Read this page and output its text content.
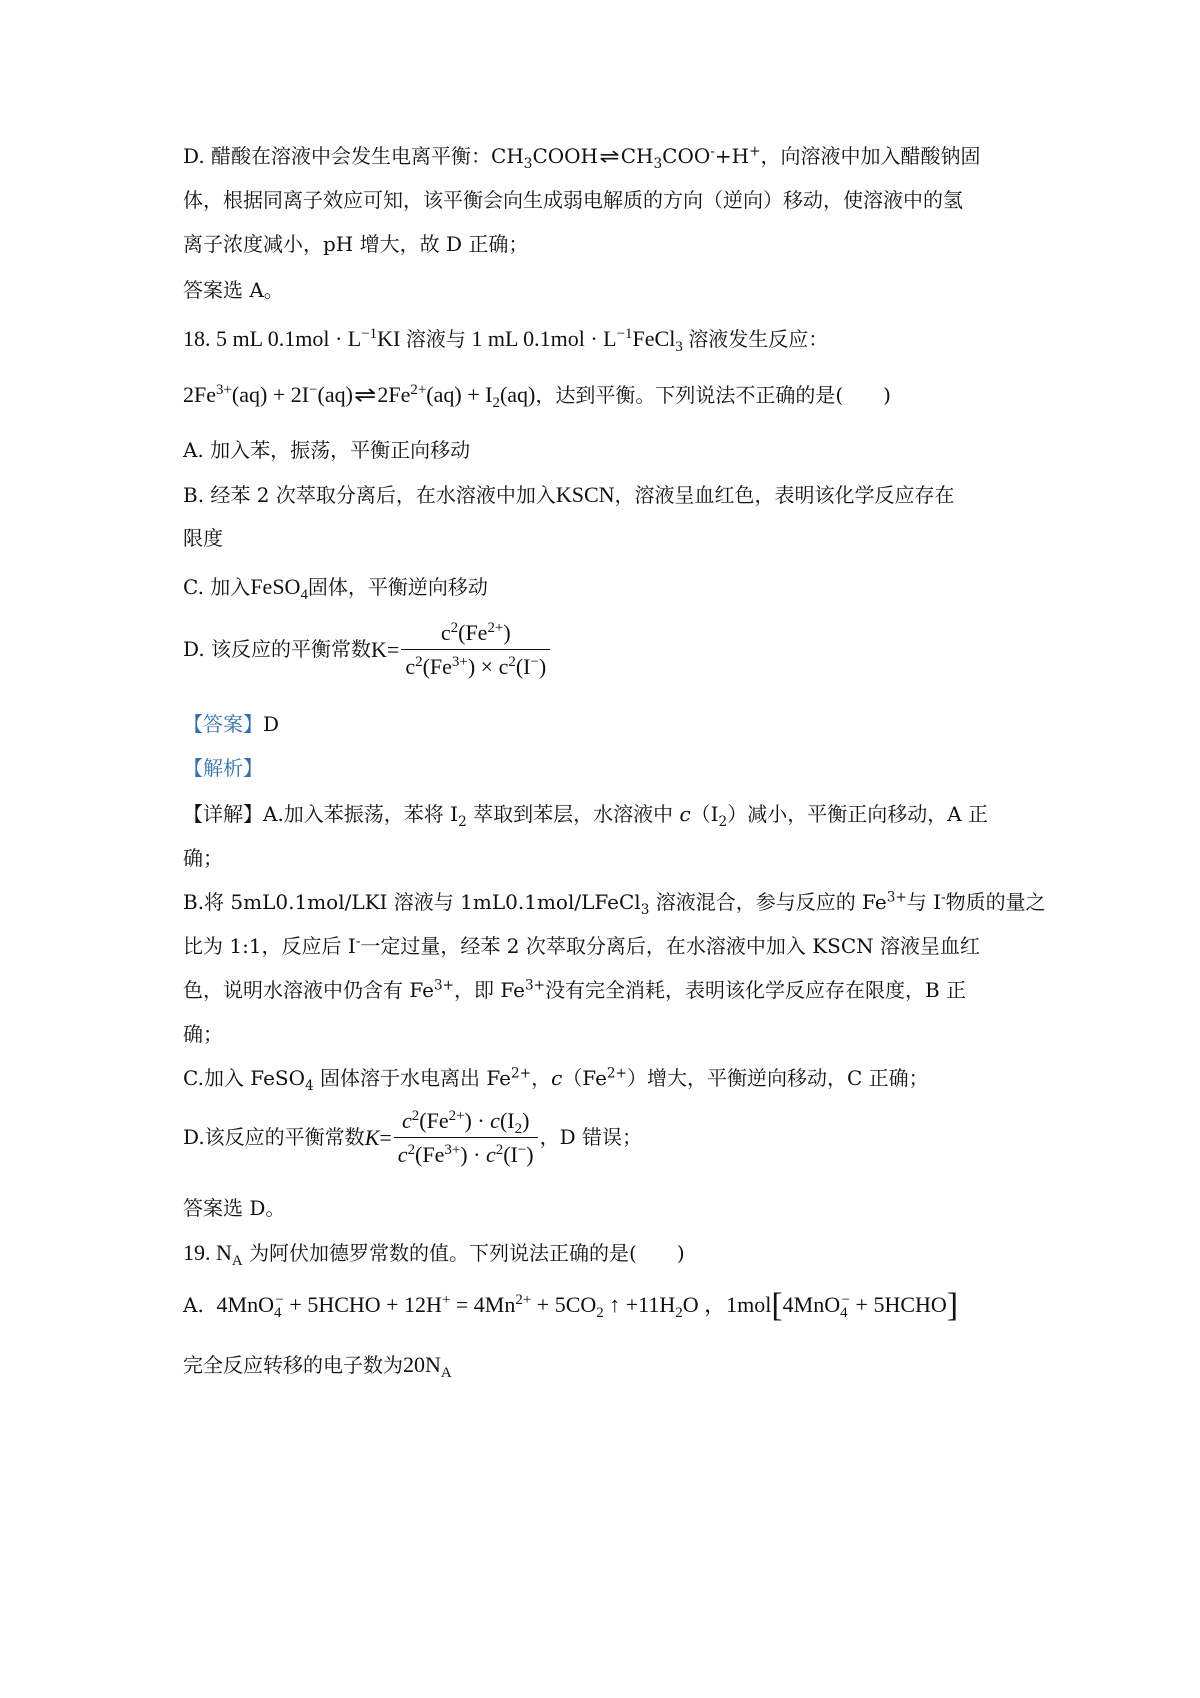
D. 醋酸在溶液中会发生电离平衡：$CH_3COOH\rightleftharpoons CH_3COO^-+H^+$，向溶液中加入醋酸钠固

体，根据同离子效应可知，该平衡会向生成弱电解质的方向（逆向）移动，使溶液中的氢

离子浓度减小，pH 增大，故 D 正确；

答案选 A。

18. 5 mL $0.1mol \cdot L^{-1}KI$ 溶液与 1 mL $0.1mol \cdot L^{-1}FeCl_3$ 溶液发生反应：

$2Fe^{3+}(aq)$ + $2I^-(aq)\rightleftharpoons 2Fe^{2+}(aq) + I_2(aq)$，达到平衡。下列说法不正确的是(　　)

A. 加入苯，振荡，平衡正向移动

B. 经苯 2 次萃取分离后，在水溶液中加入KSCN，溶液呈血红色，表明该化学反应存在

限度

C. 加入FeSO$_4$固体，平衡逆向移动

D. 该反应的平衡常数$K= \frac{c^2(Fe^{2+})}{c^2(Fe^{3+}) \times c^2(I^-)}$

【答案】D

【解析】

【详解】A.加入苯振荡，苯将 $I_2$ 萃取到苯层，水溶液中 $c(I_2)$减小，平衡正向移动，A 正

确；

B.将 5mL0.1mol/LKI 溶液与 1mL0.1mol/LFeCl$_3$ 溶液混合，参与反应的 $Fe^{3+}$与 I-物质的量之

比为 1:1，反应后 I-一定过量，经苯 2 次萃取分离后，在水溶液中加入 KSCN 溶液呈血红

色，说明水溶液中仍含有 $Fe^{3+}$，即 $Fe^{3+}$没有完全消耗，表明该化学反应存在限度，B 正

确；

C.加入 FeSO$_4$ 固体溶于水电离出 $Fe^{2+}$，$c(Fe^{2+})$增大，平衡逆向移动，C 正确；

D.该反应的平衡常数$K= \frac{c^2(Fe^{2+}) \cdot c(I_2)}{c^2(Fe^{3+}) \cdot c^2(I^-)}$ ，D 错误；

答案选 D。

19. $N_A$ 为阿伏加德罗常数的值。下列说法正确的是(　　)

A. 4MnO$_4$− + 5HCHO + $12H^+ = 4Mn^{2+} + 5CO_2$ ↑ $+11H_2O$ ，1mol[4MnO$_4$− + 5HCHO]

完全反应转移的电子数为$20N_A$
